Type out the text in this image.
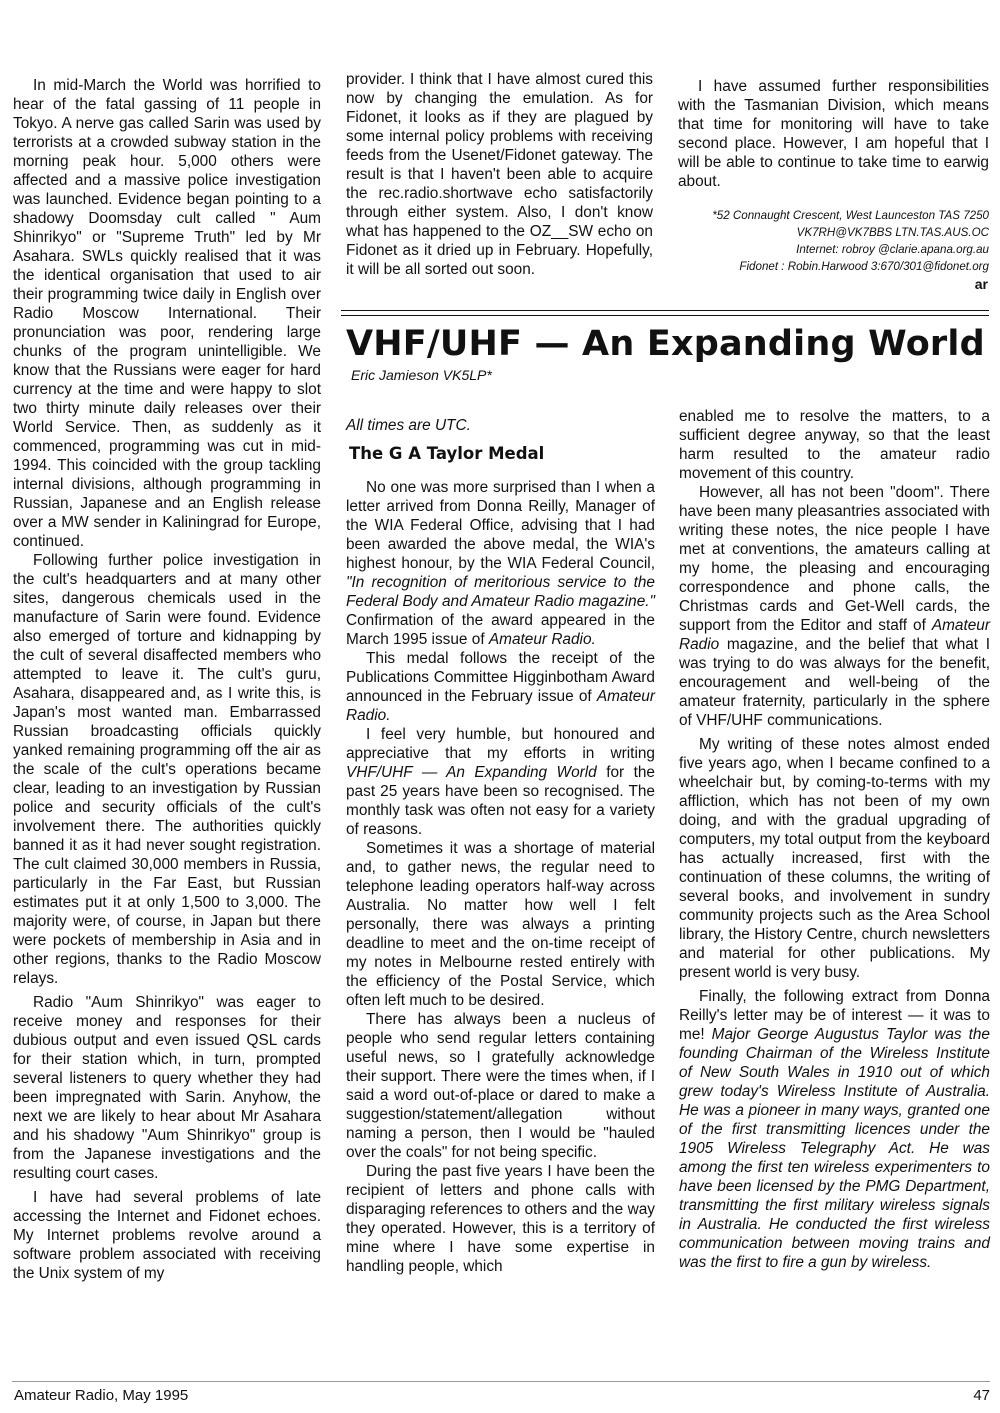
In mid-March the World was horrified to hear of the fatal gassing of 11 people in Tokyo. A nerve gas called Sarin was used by terrorists at a crowded subway station in the morning peak hour. 5,000 others were affected and a massive police investigation was launched. Evidence began pointing to a shadowy Doomsday cult called " Aum Shinrikyo" or "Supreme Truth" led by Mr Asahara. SWLs quickly realised that it was the identical organisation that used to air their programming twice daily in English over Radio Moscow International. Their pronunciation was poor, rendering large chunks of the program unintelligible. We know that the Russians were eager for hard currency at the time and were happy to slot two thirty minute daily releases over their World Service. Then, as suddenly as it commenced, programming was cut in mid-1994. This coincided with the group tackling internal divisions, although programming in Russian, Japanese and an English release over a MW sender in Kaliningrad for Europe, continued.

Following further police investigation in the cult's headquarters and at many other sites, dangerous chemicals used in the manufacture of Sarin were found. Evidence also emerged of torture and kidnapping by the cult of several disaffected members who attempted to leave it. The cult's guru, Asahara, disappeared and, as I write this, is Japan's most wanted man. Embarrassed Russian broadcasting officials quickly yanked remaining programming off the air as the scale of the cult's operations became clear, leading to an investigation by Russian police and security officials of the cult's involvement there. The authorities quickly banned it as it had never sought registration. The cult claimed 30,000 members in Russia, particularly in the Far East, but Russian estimates put it at only 1,500 to 3,000. The majority were, of course, in Japan but there were pockets of membership in Asia and in other regions, thanks to the Radio Moscow relays.

Radio "Aum Shinrikyo" was eager to receive money and responses for their dubious output and even issued QSL cards for their station which, in turn, prompted several listeners to query whether they had been impregnated with Sarin. Anyhow, the next we are likely to hear about Mr Asahara and his shadowy "Aum Shinrikyo" group is from the Japanese investigations and the resulting court cases.

I have had several problems of late accessing the Internet and Fidonet echoes. My Internet problems revolve around a software problem associated with receiving the Unix system of my

provider. I think that I have almost cured this now by changing the emulation. As for Fidonet, it looks as if they are plagued by some internal policy problems with receiving feeds from the Usenet/Fidonet gateway. The result is that I haven't been able to acquire the rec.radio.shortwave echo satisfactorily through either system. Also, I don't know what has happened to the OZ__SW echo on Fidonet as it dried up in February. Hopefully, it will be all sorted out soon.

I have assumed further responsibilities with the Tasmanian Division, which means that time for monitoring will have to take second place. However, I am hopeful that I will be able to continue to take time to earwig about.

*52 Connaught Crescent, West Launceston TAS 7250
VK7RH@VK7BBS LTN.TAS.AUS.OC
Internet: robroy @clarie.apana.org.au
Fidonet : Robin.Harwood 3:670/301@fidonet.org
ar
VHF/UHF — An Expanding World
Eric Jamieson VK5LP*

All times are UTC.

The G A Taylor Medal

No one was more surprised than I when a letter arrived from Donna Reilly, Manager of the WIA Federal Office, advising that I had been awarded the above medal, the WIA's highest honour, by the WIA Federal Council, "In recognition of meritorious service to the Federal Body and Amateur Radio magazine." Confirmation of the award appeared in the March 1995 issue of Amateur Radio.

This medal follows the receipt of the Publications Committee Higginbotham Award announced in the February issue of Amateur Radio.

I feel very humble, but honoured and appreciative that my efforts in writing VHF/UHF — An Expanding World for the past 25 years have been so recognised. The monthly task was often not easy for a variety of reasons.

Sometimes it was a shortage of material and, to gather news, the regular need to telephone leading operators half-way across Australia. No matter how well I felt personally, there was always a printing deadline to meet and the on-time receipt of my notes in Melbourne rested entirely with the efficiency of the Postal Service, which often left much to be desired.

There has always been a nucleus of people who send regular letters containing useful news, so I gratefully acknowledge their support. There were the times when, if I said a word out-of-place or dared to make a suggestion/statement/allegation without naming a person, then I would be "hauled over the coals" for not being specific.

During the past five years I have been the recipient of letters and phone calls with disparaging references to others and the way they operated. However, this is a territory of mine where I have some expertise in handling people, which

enabled me to resolve the matters, to a sufficient degree anyway, so that the least harm resulted to the amateur radio movement of this country.

However, all has not been "doom". There have been many pleasantries associated with writing these notes, the nice people I have met at conventions, the amateurs calling at my home, the pleasing and encouraging correspondence and phone calls, the Christmas cards and Get-Well cards, the support from the Editor and staff of Amateur Radio magazine, and the belief that what I was trying to do was always for the benefit, encouragement and well-being of the amateur fraternity, particularly in the sphere of VHF/UHF communications.

My writing of these notes almost ended five years ago, when I became confined to a wheelchair but, by coming-to-terms with my affliction, which has not been of my own doing, and with the gradual upgrading of computers, my total output from the keyboard has actually increased, first with the continuation of these columns, the writing of several books, and involvement in sundry community projects such as the Area School library, the History Centre, church newsletters and material for other publications. My present world is very busy.

Finally, the following extract from Donna Reilly's letter may be of interest — it was to me! Major George Augustus Taylor was the founding Chairman of the Wireless Institute of New South Wales in 1910 out of which grew today's Wireless Institute of Australia. He was a pioneer in many ways, granted one of the first transmitting licences under the 1905 Wireless Telegraphy Act. He was among the first ten wireless experimenters to have been licensed by the PMG Department, transmitting the first military wireless signals in Australia. He conducted the first wireless communication between moving trains and was the first to fire a gun by wireless.

Amateur Radio, May 1995	47
